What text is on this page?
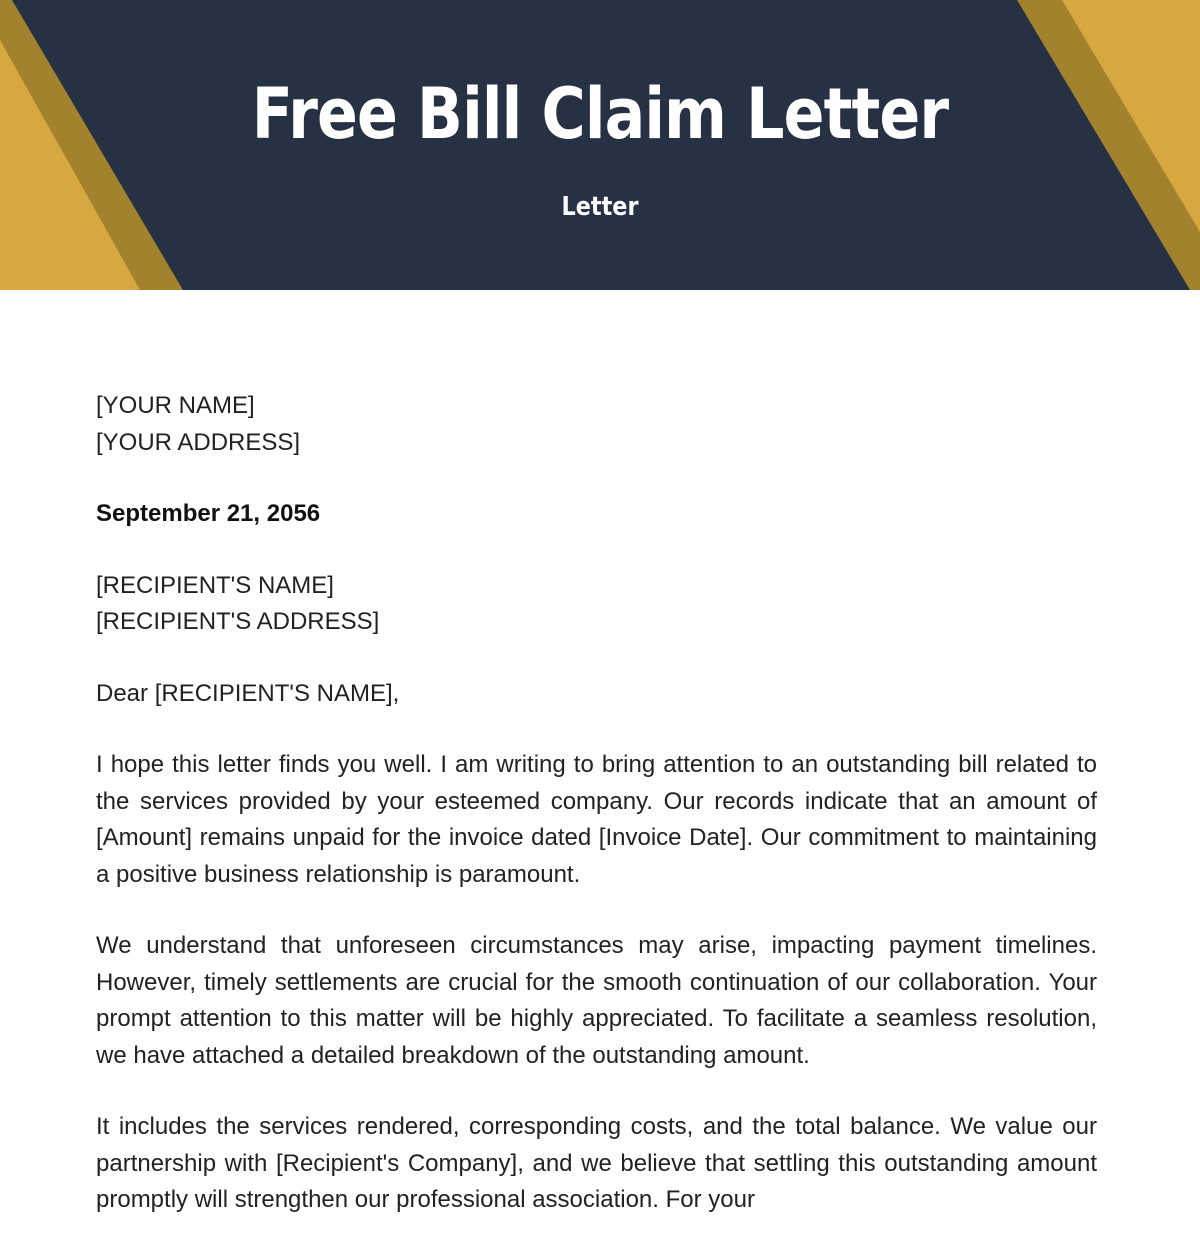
Free Bill Claim Letter
Letter
[YOUR NAME]
[YOUR ADDRESS]
September 21, 2056
[RECIPIENT'S NAME]
[RECIPIENT'S ADDRESS]
Dear [RECIPIENT'S NAME],

I hope this letter finds you well. I am writing to bring attention to an outstanding bill related to the services provided by your esteemed company. Our records indicate that an amount of [Amount] remains unpaid for the invoice dated [Invoice Date]. Our commitment to maintaining a positive business relationship is paramount.

We understand that unforeseen circumstances may arise, impacting payment timelines. However, timely settlements are crucial for the smooth continuation of our collaboration. Your prompt attention to this matter will be highly appreciated. To facilitate a seamless resolution, we have attached a detailed breakdown of the outstanding amount.

It includes the services rendered, corresponding costs, and the total balance. We value our partnership with [Recipient's Company], and we believe that settling this outstanding amount promptly will strengthen our professional association. For your
